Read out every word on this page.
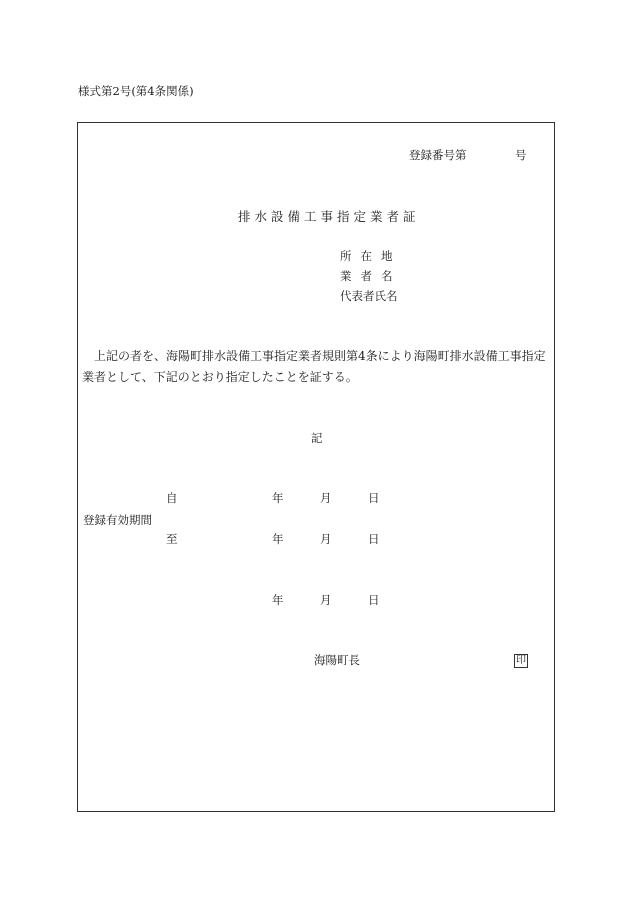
様式第2号(第4条関係)
登録番号第	号
排水設備工事指定業者証
所在地
業者名
代表者氏名
上記の者を、海陽町排水設備工事指定業者規則第4条により海陽町排水設備工事指定業者として、下記のとおり指定したことを証する。
記
自	年	月	日
登録有効期間
至	年	月	日
年	月	日
海陽町長	印
